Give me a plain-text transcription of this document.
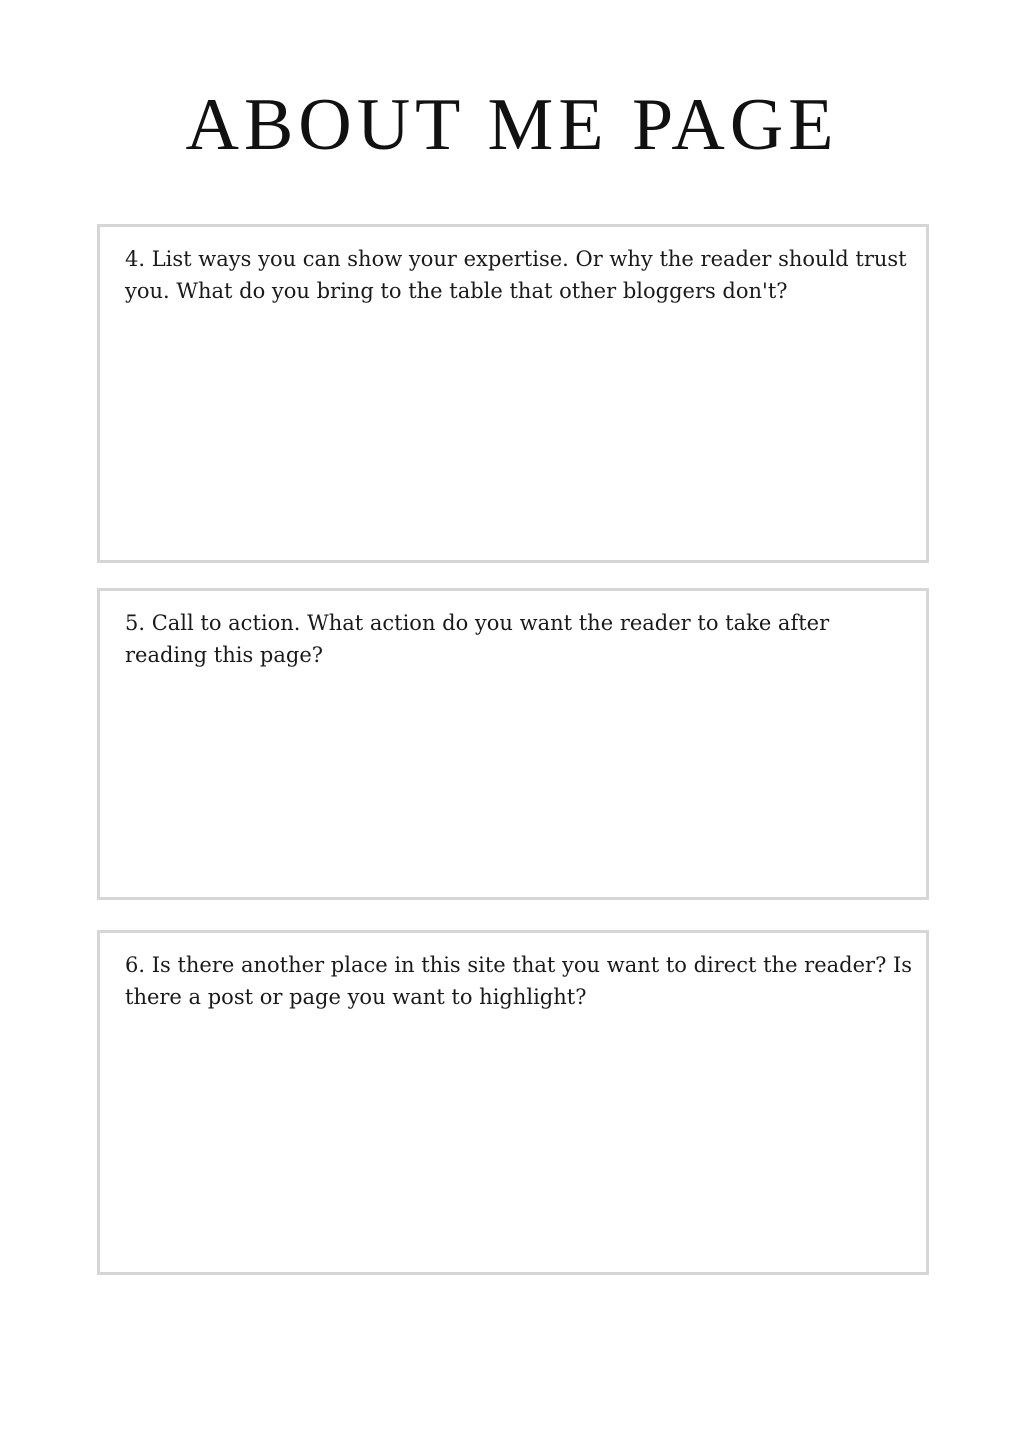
ABOUT ME PAGE

4. List ways you can show your expertise. Or why the reader should trust you. What do you bring to the table that other bloggers don't?

5. Call to action. What action do you want the reader to take after reading this page?

6. Is there another place in this site that you want to direct the reader? Is there a post or page you want to highlight?
